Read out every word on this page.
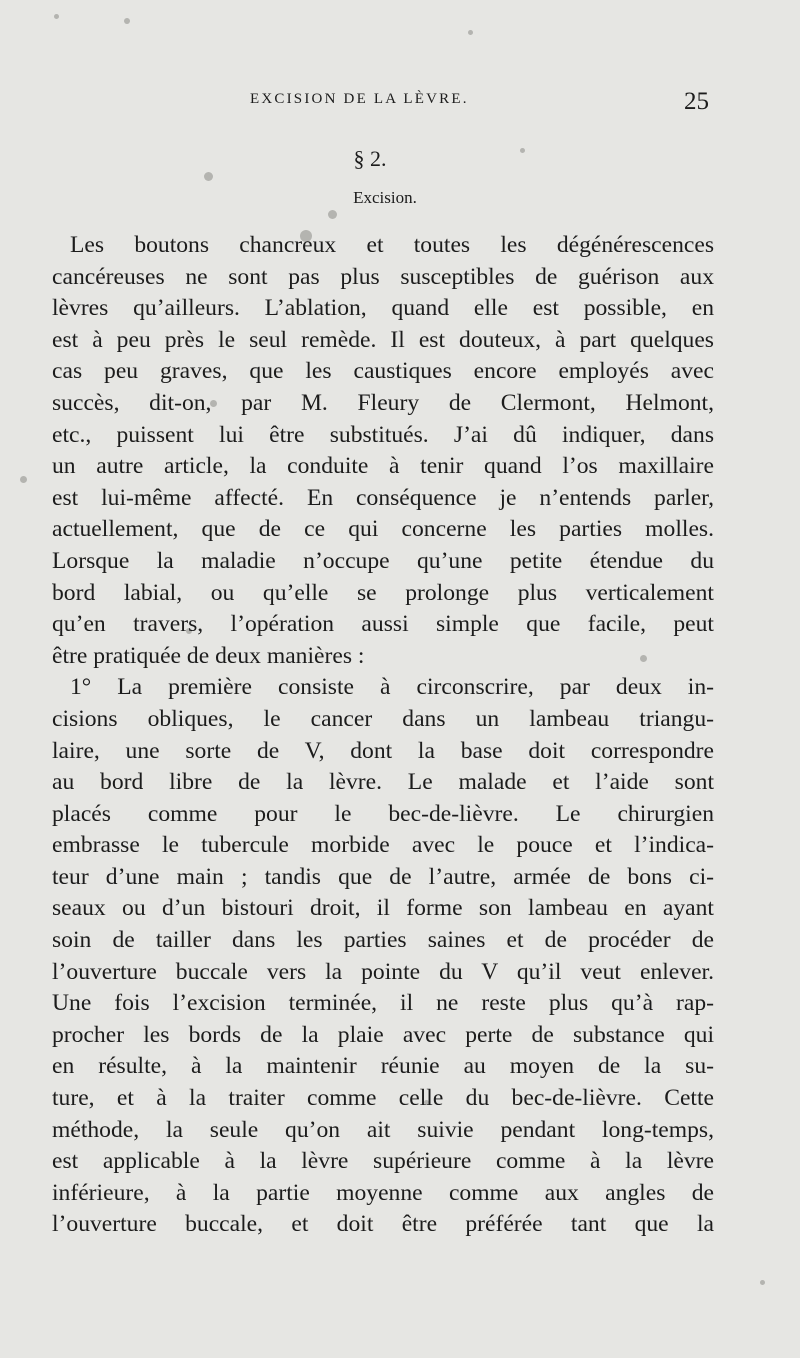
EXCISION DE LA LÈVRE.	25
§ 2.
Excision.
Les boutons chancreux et toutes les dégénérescences
cancéreuses ne sont pas plus susceptibles de guérison aux
lèvres qu’ailleurs. L’ablation, quand elle est possible, en
est à peu près le seul remède. Il est douteux, à part quelques
cas peu graves, que les caustiques encore employés avec
succès, dit-on, par M. Fleury de Clermont, Helmont,
etc., puissent lui être substitués. J’ai dû indiquer, dans
un autre article, la conduite à tenir quand l’os maxillaire
est lui-même affecté. En conséquence je n’entends parler,
actuellement, que de ce qui concerne les parties molles.
Lorsque la maladie n’occupe qu’une petite étendue du
bord labial, ou qu’elle se prolonge plus verticalement
qu’en travers, l’opération aussi simple que facile, peut
être pratiquée de deux manières :
1° La première consiste à circonscrire, par deux in-
cisions obliques, le cancer dans un lambeau triangu-
laire, une sorte de V, dont la base doit correspondre
au bord libre de la lèvre. Le malade et l’aide sont
placés comme pour le bec-de-lièvre. Le chirurgien
embrasse le tubercule morbide avec le pouce et l’indica-
teur d’une main ; tandis que de l’autre, armée de bons ci-
seaux ou d’un bistouri droit, il forme son lambeau en ayant
soin de tailler dans les parties saines et de procéder de
l’ouverture buccale vers la pointe du V qu’il veut enlever.
Une fois l’excision terminée, il ne reste plus qu’à rap-
procher les bords de la plaie avec perte de substance qui
en résulte, à la maintenir réunie au moyen de la su-
ture, et à la traiter comme celle du bec-de-lièvre. Cette
méthode, la seule qu’on ait suivie pendant long-temps,
est applicable à la lèvre supérieure comme à la lèvre
inférieure, à la partie moyenne comme aux angles de
l’ouverture buccale, et doit être préférée tant que la
